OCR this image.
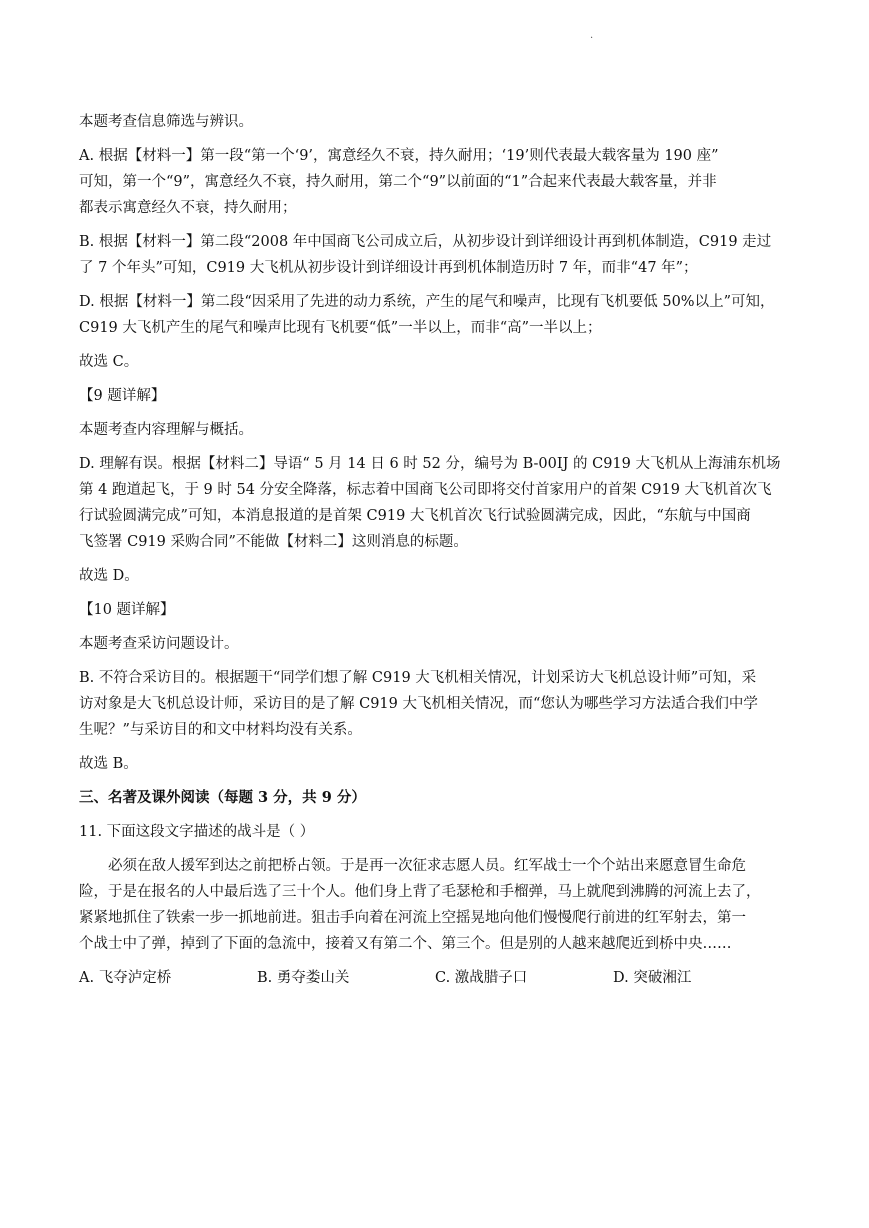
.
本题考查信息筛选与辨识。
A. 根据【材料一】第一段“第一个‘9’，寓意经久不衰，持久耐用；‘19’则代表最大载客量为 190 座”
可知，第一个“9”，寓意经久不衰，持久耐用，第二个“9”以前面的“1”合起来代表最大载客量，并非
都表示寓意经久不衰，持久耐用；
B. 根据【材料一】第二段“2008 年中国商飞公司成立后，从初步设计到详细设计再到机体制造，C919 走过
了 7 个年头”可知，C919 大飞机从初步设计到详细设计再到机体制造历时 7 年，而非“47 年”；
D. 根据【材料一】第二段“因采用了先进的动力系统，产生的尾气和噪声，比现有飞机要低 50%以上”可知，
C919 大飞机产生的尾气和噪声比现有飞机要“低”一半以上，而非“高”一半以上；
故选 C。
【9 题详解】
本题考查内容理解与概括。
D. 理解有误。根据【材料二】导语“ 5 月 14 日 6 时 52 分，编号为 B-00IJ 的 C919 大飞机从上海浦东机场
第 4 跑道起飞，于 9 时 54 分安全降落，标志着中国商飞公司即将交付首家用户的首架 C919 大飞机首次飞
行试验圆满完成”可知，本消息报道的是首架 C919 大飞机首次飞行试验圆满完成，因此，“东航与中国商
飞签署 C919 采购合同”不能做【材料二】这则消息的标题。
故选 D。
【10 题详解】
本题考查采访问题设计。
B. 不符合采访目的。根据题干“同学们想了解 C919 大飞机相关情况，计划采访大飞机总设计师”可知，采
访对象是大飞机总设计师，采访目的是了解 C919 大飞机相关情况，而“您认为哪些学习方法适合我们中学
生呢？”与采访目的和文中材料均没有关系。
故选 B。
三、名著及课外阅读（每题 3 分，共 9 分）
11. 下面这段文字描述的战斗是（ ）
必须在敌人援军到达之前把桥占领。于是再一次征求志愿人员。红军战士一个个站出来愿意冒生命危
险，于是在报名的人中最后选了三十个人。他们身上背了毛瑟枪和手榴弹，马上就爬到沸腾的河流上去了，
紧紧地抓住了铁索一步一抓地前进。狙击手向着在河流上空摇晃地向他们慢慢爬行前进的红军射去，第一
个战士中了弹，掉到了下面的急流中，接着又有第二个、第三个。但是别的人越来越爬近到桥中央……
A. 飞夺泸定桥	B. 勇夺娄山关	C. 激战腊子口	D. 突破湘江
